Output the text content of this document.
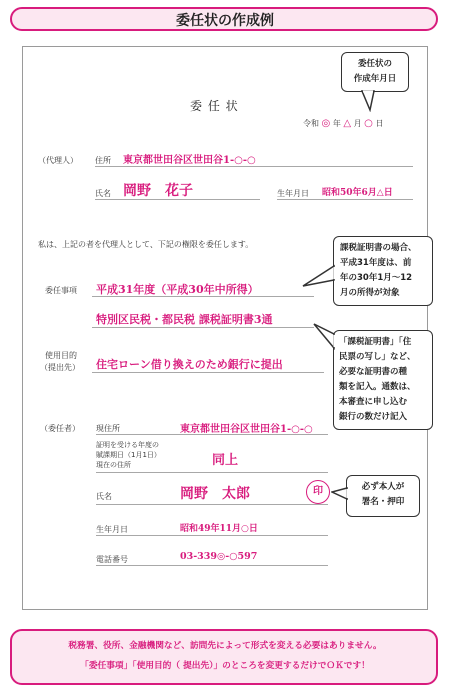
委任状の作成例
委 任 状
令和 ◎ 年 △ 月 ○ 日
委任状の
作成年月日
（代理人） 住所 東京都世田谷区世田谷1-○-○
氏名 岡野　花子	生年月日 昭和50年6月△日
私は、上記の者を代理人として、下記の権限を委任します。	課税証明書の場合、
平成31年度は、前
年の30年1月～12
月の所得が対象
委任事項 平成31年度（平成30年中所得）
特別区民税・都民税 課税証明書3通
「課税証明書」「住
民票の写し」など、
必要な証明書の種
類を記入。通数は、
本審査に申し込む
銀行の数だけ記入
使用目的
（提出先） 住宅ローン借り換えのため銀行に提出
（委任者） 現住所	東京都世田谷区世田谷1-○-○
証明を受ける年度の
賦課期日（1月1日）
現在の住所	同上
氏名	岡野　太郎	印	必ず本人が
署名・押印
生年月日	昭和49年11月○日
電話番号	03-339◎-○597
税務署、役所、金融機関など、訪問先によって形式を変える必要はありません。
「委任事項」「使用目的（ 提出先）」のところを変更するだけでＯＫです！
